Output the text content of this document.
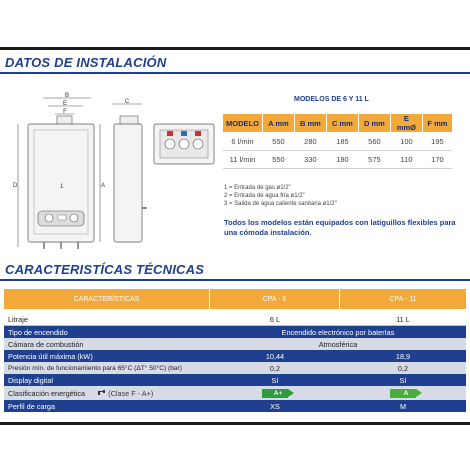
DATOS DE INSTALACIÓN
B
E
F
D	A
1
C	MODELOS DE 6 Y 11 L
MODELO	A mm	B mm	C mm	D mm	E mmØ	F mm
6 l/min	550	280	185	560	100	195
11 l/min	550	330	180	575	110	170
1 = Entrada de gas ø1/2"
2 = Entrada de agua fría ø1/2"
3 = Salida de agua caliente sanitaria ø1/2"
Todos los modelos están equipados con latiguillos flexibles para una cómoda instalación.
CARACTERISTÍCAS TÉCNICAS
CARACTERÍSTICAS	CPA - 6	CPA - 11
Litraje	6 L	11 L
Tipo de encendido	Encendido electrónico por baterías
Cámara de combustión	Atmosférica
Potencia útil máxima (kW)	10,44	18,9
Presión mín. de funcionamiento para 65°C (ΔT° 50°C) (bar)	0,2	0,2
Display digital	Sí	Sí
Clasificación energética	(Clase F - A+)	A+	A
Perfil de carga	XS	M
